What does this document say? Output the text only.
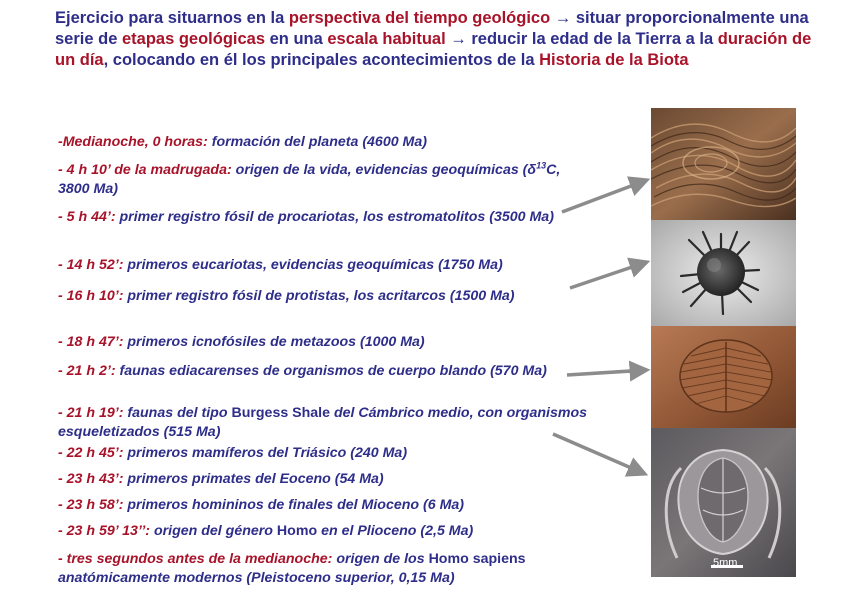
Ejercicio para situarnos en la perspectiva del tiempo geológico → situar proporcionalmente una serie de etapas geológicas en una escala habitual → reducir la edad de la Tierra a la duración de un día, colocando en él los principales acontecimientos de la Historia de la Biota

-Medianoche, 0 horas: formación del planeta (4600 Ma)
- 4 h 10’ de la madrugada: origen de la vida, evidencias geoquímicas ($\delta^{13}C$, 3800 Ma)
- 5 h 44’: primer registro fósil de procariotas, los estromatolitos (3500 Ma)
- 14 h 52’: primeros eucariotas, evidencias geoquímicas (1750 Ma)
- 16 h 10’: primer registro fósil de protistas, los acritarcos (1500 Ma)
- 18 h 47’: primeros icnofósiles de metazoos (1000 Ma)
- 21 h 2’: faunas ediacarenses de organismos de cuerpo blando (570 Ma)
- 21 h 19’: faunas del tipo Burgess Shale del Cámbrico medio, con organismos esqueletizados (515 Ma)
- 22 h 45’: primeros mamíferos del Triásico (240 Ma)
- 23 h 43’: primeros primates del Eoceno (54 Ma)
- 23 h 58’: primeros homininos de finales del Mioceno (6 Ma)
- 23 h 59’ 13’’: origen del género Homo en el Plioceno (2,5 Ma)
- tres segundos antes de la medianoche: origen de los Homo sapiens anatómicamente modernos (Pleistoceno superior, 0,15 Ma)
5mm
